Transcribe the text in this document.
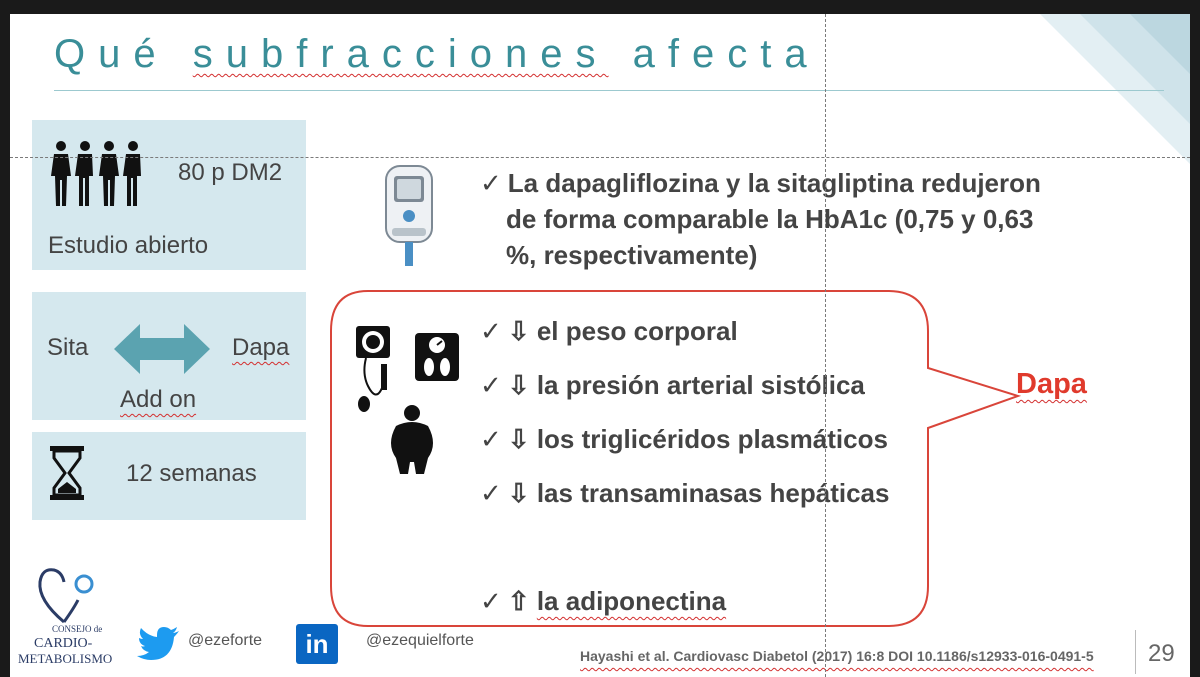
Qué subfracciones afecta
80 p DM2
Estudio abierto
Sita	Dapa
Add on
12 semanas
✓ La dapagliflozina y la sitagliptina redujeron
de forma comparable la HbA1c (0,75 y 0,63
%, respectivamente)
✓ ⇩ el peso corporal
✓ ⇩ la presión arterial sistólica
✓ ⇩ los triglicéridos plasmáticos
✓ ⇩ las transaminasas hepáticas
✓ ⇧ la adiponectina
Dapa
CONSEJO de
CARDIO-
METABOLISMO
@ezeforte	in	@ezequielforte
Hayashi et al. Cardiovasc Diabetol (2017) 16:8 DOI 10.1186/s12933-016-0491-5 29
